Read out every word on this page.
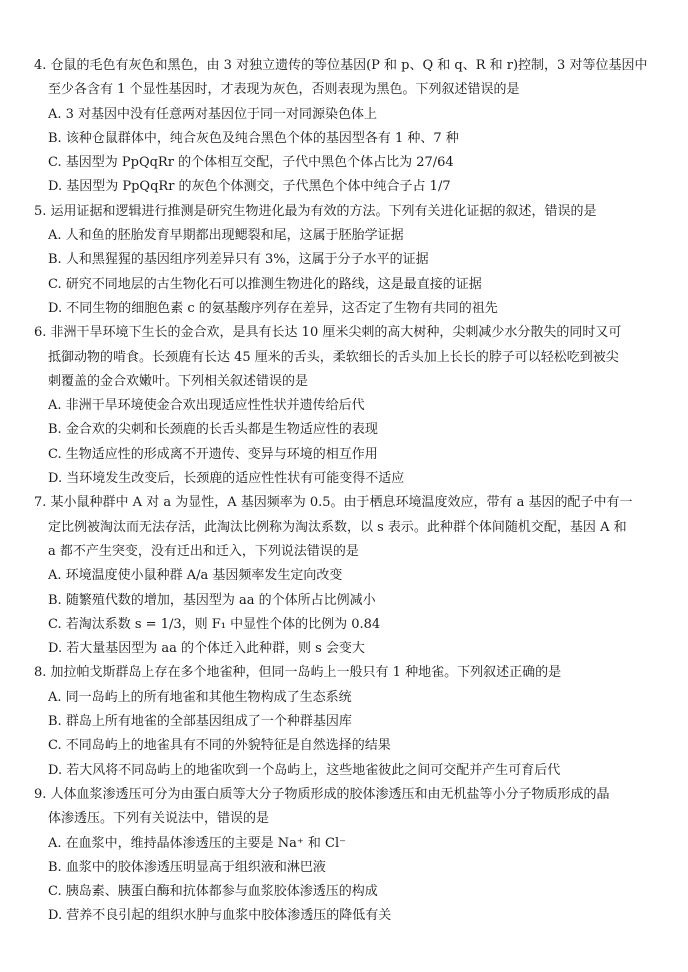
4. 仓鼠的毛色有灰色和黑色，由 3 对独立遗传的等位基因(P 和 p、Q 和 q、R 和 r)控制，3 对等位基因中
至少各含有 1 个显性基因时，才表现为灰色，否则表现为黑色。下列叙述错误的是
A. 3 对基因中没有任意两对基因位于同一对同源染色体上
B. 该种仓鼠群体中，纯合灰色及纯合黑色个体的基因型各有 1 种、7 种
C. 基因型为 PpQqRr 的个体相互交配，子代中黑色个体占比为 27/64
D. 基因型为 PpQqRr 的灰色个体测交，子代黑色个体中纯合子占 1/7
5. 运用证据和逻辑进行推测是研究生物进化最为有效的方法。下列有关进化证据的叙述，错误的是
A. 人和鱼的胚胎发育早期都出现鳃裂和尾，这属于胚胎学证据
B. 人和黑猩猩的基因组序列差异只有 3%，这属于分子水平的证据
C. 研究不同地层的古生物化石可以推测生物进化的路线，这是最直接的证据
D. 不同生物的细胞色素 c 的氨基酸序列存在差异，这否定了生物有共同的祖先
6. 非洲干旱环境下生长的金合欢，是具有长达 10 厘米尖刺的高大树种，尖刺减少水分散失的同时又可
抵御动物的啃食。长颈鹿有长达 45 厘米的舌头，柔软细长的舌头加上长长的脖子可以轻松吃到被尖
刺覆盖的金合欢嫩叶。下列相关叙述错误的是
A. 非洲干旱环境使金合欢出现适应性性状并遗传给后代
B. 金合欢的尖刺和长颈鹿的长舌头都是生物适应性的表现
C. 生物适应性的形成离不开遗传、变异与环境的相互作用
D. 当环境发生改变后，长颈鹿的适应性性状有可能变得不适应
7. 某小鼠种群中 A 对 a 为显性，A 基因频率为 0.5。由于栖息环境温度效应，带有 a 基因的配子中有一
定比例被淘汰而无法存活，此淘汰比例称为淘汰系数，以 s 表示。此种群个体间随机交配，基因 A 和
a 都不产生突变，没有迁出和迁入，下列说法错误的是
A. 环境温度使小鼠种群 A/a 基因频率发生定向改变
B. 随繁殖代数的增加，基因型为 aa 的个体所占比例减小
C. 若淘汰系数 s = 1/3，则 F₁ 中显性个体的比例为 0.84
D. 若大量基因型为 aa 的个体迁入此种群，则 s 会变大
8. 加拉帕戈斯群岛上存在多个地雀种，但同一岛屿上一般只有 1 种地雀。下列叙述正确的是
A. 同一岛屿上的所有地雀和其他生物构成了生态系统
B. 群岛上所有地雀的全部基因组成了一个种群基因库
C. 不同岛屿上的地雀具有不同的外貌特征是自然选择的结果
D. 若大风将不同岛屿上的地雀吹到一个岛屿上，这些地雀彼此之间可交配并产生可育后代
9. 人体血浆渗透压可分为由蛋白质等大分子物质形成的胶体渗透压和由无机盐等小分子物质形成的晶
体渗透压。下列有关说法中，错误的是
A. 在血浆中，维持晶体渗透压的主要是 Na⁺ 和 Cl⁻
B. 血浆中的胶体渗透压明显高于组织液和淋巴液
C. 胰岛素、胰蛋白酶和抗体都参与血浆胶体渗透压的构成
D. 营养不良引起的组织水肿与血浆中胶体渗透压的降低有关
